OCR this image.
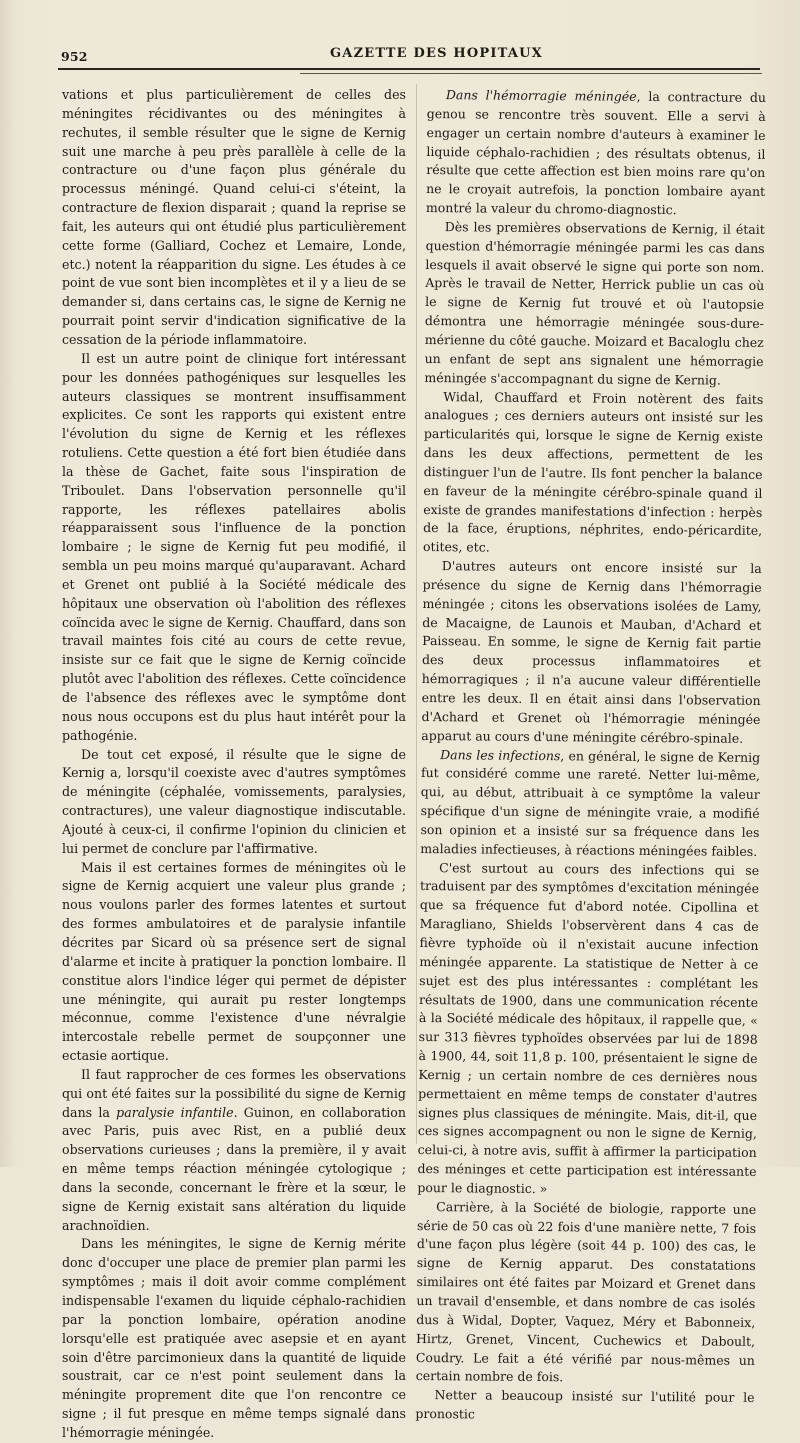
952	GAZETTE DES HOPITAUX

vations et plus particulièrement de celles des méningites récidivantes ou des méningites à rechutes, il semble résulter que le signe de Kernig suit une marche à peu près parallèle à celle de la contracture ou d'une façon plus générale du processus méningé. Quand celui-ci s'éteint, la contracture de flexion disparait ; quand la reprise se fait, les auteurs qui ont étudié plus particulièrement cette forme (Galliard, Cochez et Lemaire, Londe, etc.) notent la réapparition du signe. Les études à ce point de vue sont bien incomplètes et il y a lieu de se demander si, dans certains cas, le signe de Kernig ne pourrait point servir d'indication significative de la cessation de la période inflammatoire.

Il est un autre point de clinique fort intéressant pour les données pathogéniques sur lesquelles les auteurs classiques se montrent insuffisamment explicites. Ce sont les rapports qui existent entre l'évolution du signe de Kernig et les réflexes rotuliens. Cette question a été fort bien étudiée dans la thèse de Gachet, faite sous l'inspiration de Triboulet. Dans l'observation personnelle qu'il rapporte, les réflexes patellaires abolis réapparaissent sous l'influence de la ponction lombaire ; le signe de Kernig fut peu modifié, il sembla un peu moins marqué qu'auparavant. Achard et Grenet ont publié à la Société médicale des hôpitaux une observation où l'abolition des réflexes coïncida avec le signe de Kernig. Chauffard, dans son travail maintes fois cité au cours de cette revue, insiste sur ce fait que le signe de Kernig coïncide plutôt avec l'abolition des réflexes. Cette coïncidence de l'absence des réflexes avec le symptôme dont nous nous occupons est du plus haut intérêt pour la pathogénie.

De tout cet exposé, il résulte que le signe de Kernig a, lorsqu'il coexiste avec d'autres symptômes de méningite (céphalée, vomissements, paralysies, contractures), une valeur diagnostique indiscutable. Ajouté à ceux-ci, il confirme l'opinion du clinicien et lui permet de conclure par l'affirmative.

Mais il est certaines formes de méningites où le signe de Kernig acquiert une valeur plus grande ; nous voulons parler des formes latentes et surtout des formes ambulatoires et de paralysie infantile décrites par Sicard où sa présence sert de signal d'alarme et incite à pratiquer la ponction lombaire. Il constitue alors l'indice léger qui permet de dépister une méningite, qui aurait pu rester longtemps méconnue, comme l'existence d'une névralgie intercostale rebelle permet de soupçonner une ectasie aortique.

Il faut rapprocher de ces formes les observations qui ont été faites sur la possibilité du signe de Kernig dans la paralysie infantile. Guinon, en collaboration avec Paris, puis avec Rist, en a publié deux observations curieuses ; dans la première, il y avait en même temps réaction méningée cytologique ; dans la seconde, concernant le frère et la sœur, le signe de Kernig existait sans altération du liquide arachnoïdien.

Dans les méningites, le signe de Kernig mérite donc d'occuper une place de premier plan parmi les symptômes ; mais il doit avoir comme complément indispensable l'examen du liquide céphalo-rachidien par la ponction lombaire, opération anodine lorsqu'elle est pratiquée avec asepsie et en ayant soin d'être parcimonieux dans la quantité de liquide soustrait, car ce n'est point seulement dans la méningite proprement dite que l'on rencontre ce signe ; il fut presque en même temps signalé dans l'hémorragie méningée.

Dans l'hémorragie méningée, la contracture du genou se rencontre très souvent. Elle a servi à engager un certain nombre d'auteurs à examiner le liquide céphalo-rachidien ; des résultats obtenus, il résulte que cette affection est bien moins rare qu'on ne le croyait autrefois, la ponction lombaire ayant montré la valeur du chromo-diagnostic.

Dès les premières observations de Kernig, il était question d'hémorragie méningée parmi les cas dans lesquels il avait observé le signe qui porte son nom. Après le travail de Netter, Herrick publie un cas où le signe de Kernig fut trouvé et où l'autopsie démontra une hémorragie méningée sous-dure-mérienne du côté gauche. Moizard et Bacaloglu chez un enfant de sept ans signalent une hémorragie méningée s'accompagnant du signe de Kernig.

Widal, Chauffard et Froin notèrent des faits analogues ; ces derniers auteurs ont insisté sur les particularités qui, lorsque le signe de Kernig existe dans les deux affections, permettent de les distinguer l'un de l'autre. Ils font pencher la balance en faveur de la méningite cérébro-spinale quand il existe de grandes manifestations d'infection : herpès de la face, éruptions, néphrites, endo-péricardite, otites, etc.

D'autres auteurs ont encore insisté sur la présence du signe de Kernig dans l'hémorragie méningée ; citons les observations isolées de Lamy, de Macaigne, de Launois et Mauban, d'Achard et Paisseau. En somme, le signe de Kernig fait partie des deux processus inflammatoires et hémorragiques ; il n'a aucune valeur différentielle entre les deux. Il en était ainsi dans l'observation d'Achard et Grenet où l'hémorragie méningée apparut au cours d'une méningite cérébro-spinale.

Dans les infections, en général, le signe de Kernig fut considéré comme une rareté. Netter lui-même, qui, au début, attribuait à ce symptôme la valeur spécifique d'un signe de méningite vraie, a modifié son opinion et a insisté sur sa fréquence dans les maladies infectieuses, à réactions méningées faibles.

C'est surtout au cours des infections qui se traduisent par des symptômes d'excitation méningée que sa fréquence fut d'abord notée. Cipollina et Maragliano, Shields l'observèrent dans 4 cas de fièvre typhoïde où il n'existait aucune infection méningée apparente. La statistique de Netter à ce sujet est des plus intéressantes : complétant les résultats de 1900, dans une communication récente à la Société médicale des hôpitaux, il rappelle que, « sur 313 fièvres typhoïdes observées par lui de 1898 à 1900, 44, soit 11,8 p. 100, présentaient le signe de Kernig ; un certain nombre de ces dernières nous permettaient en même temps de constater d'autres signes plus classiques de méningite. Mais, dit-il, que ces signes accompagnent ou non le signe de Kernig, celui-ci, à notre avis, suffit à affirmer la participation des méninges et cette participation est intéressante pour le diagnostic. »

Carrière, à la Société de biologie, rapporte une série de 50 cas où 22 fois d'une manière nette, 7 fois d'une façon plus légère (soit 44 p. 100) des cas, le signe de Kernig apparut. Des constatations similaires ont été faites par Moizard et Grenet dans un travail d'ensemble, et dans nombre de cas isolés dus à Widal, Dopter, Vaquez, Méry et Babonneix, Hirtz, Grenet, Vincent, Cuchewics et Daboult, Coudry. Le fait a été vérifié par nous-mêmes un certain nombre de fois.

Netter a beaucoup insisté sur l'utilité pour le pronostic
